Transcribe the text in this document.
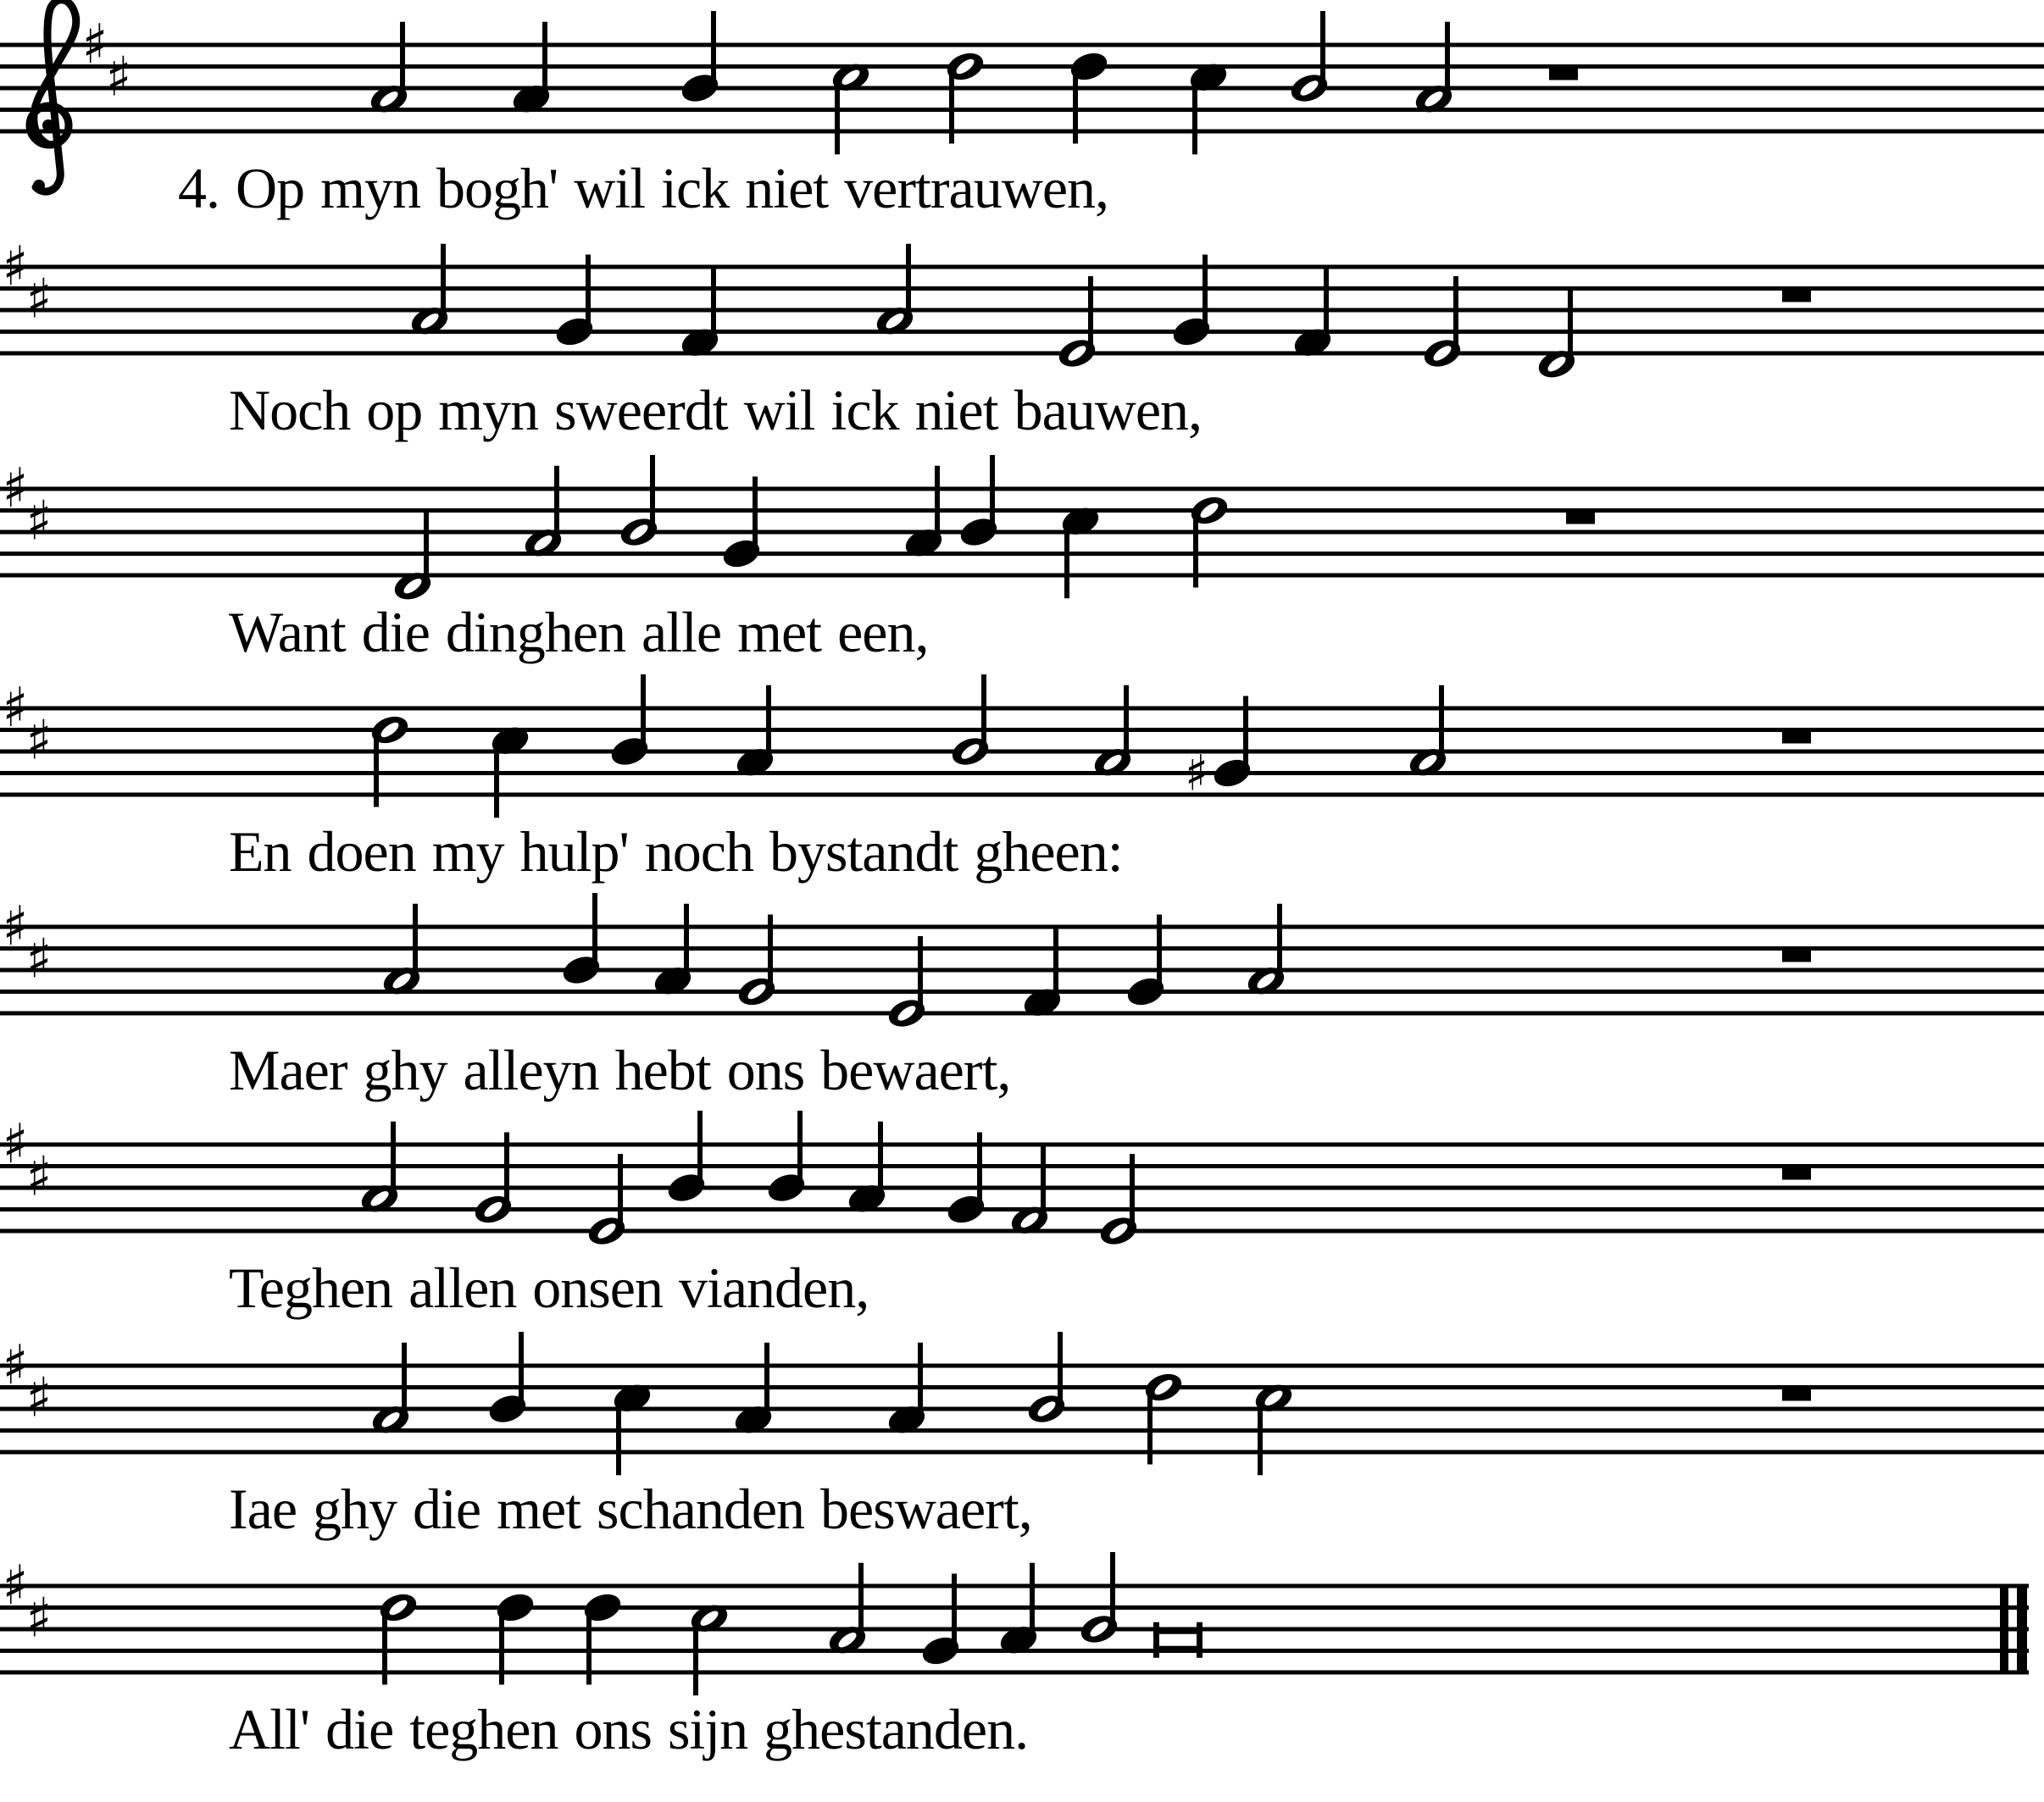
♯
♯
♯
♯
♯
♯
♯
♯
♯
♯
♯
♯
♯
♯
♯
♯
♯
4. Op myn bogh' wil ick niet vertrauwen,
Noch op myn sweerdt wil ick niet bauwen,
Want die dinghen alle met een,
En doen my hulp' noch bystandt gheen:
Maer ghy alleyn hebt ons bewaert,
Teghen allen onsen vianden,
Iae ghy die met schanden beswaert,
All' die teghen ons sijn ghestanden.
